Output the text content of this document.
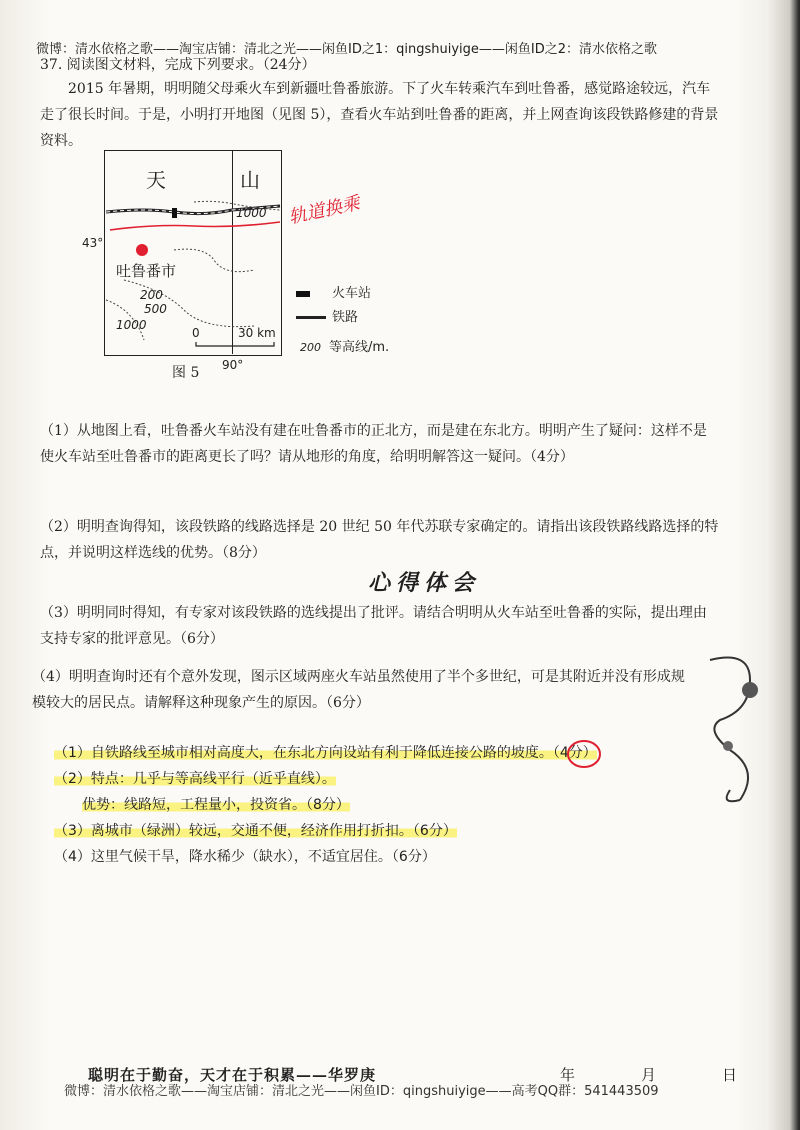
微博：清水依格之歌——淘宝店铺：清北之光——闲鱼ID之1：qingshuiyige——闲鱼ID之2：清水依格之歌
37. 阅读图文材料，完成下列要求。（24分）
2015 年暑期，明明随父母乘火车到新疆吐鲁番旅游。下了火车转乘汽车到吐鲁番，感觉路途较远，汽车走了很长时间。于是，小明打开地图（见图 5），查看火车站到吐鲁番的距离，并上网查询该段铁路修建的背景资料。
天	山
1000
吐鲁番市
200
500
1000
0	30 km
43°
90°
图 5
火车站
铁路
200 等高线/m.
轨道换乘
（1）从地图上看，吐鲁番火车站没有建在吐鲁番市的正北方，而是建在东北方。明明产生了疑问：这样不是使火车站至吐鲁番市的距离更长了吗？请从地形的角度，给明明解答这一疑问。（4分）
（2）明明查询得知，该段铁路的线路选择是 20 世纪 50 年代苏联专家确定的。请指出该段铁路线路选择的特点，并说明这样选线的优势。（8分）
心得体会
（3）明明同时得知，有专家对该段铁路的选线提出了批评。请结合明明从火车站至吐鲁番的实际，提出理由支持专家的批评意见。（6分）
（4）明明查询时还有个意外发现，图示区域两座火车站虽然使用了半个多世纪，可是其附近并没有形成规模较大的居民点。请解释这种现象产生的原因。（6分）
（1）自铁路线至城市相对高度大，在东北方向设站有利于降低连接公路的坡度。（4分）
（2）特点：几乎与等高线平行（近乎直线）。
优势：线路短，工程量小，投资省。（8分）
（3）离城市（绿洲）较远，交通不便，经济作用打折扣。（6分）
（4）这里气候干旱，降水稀少（缺水），不适宜居住。（6分）
聪明在于勤奋，天才在于积累——华罗庚	年	月	日
微博：清水依格之歌——淘宝店铺：清北之光——闲鱼ID：qingshuiyige——高考QQ群：541443509
